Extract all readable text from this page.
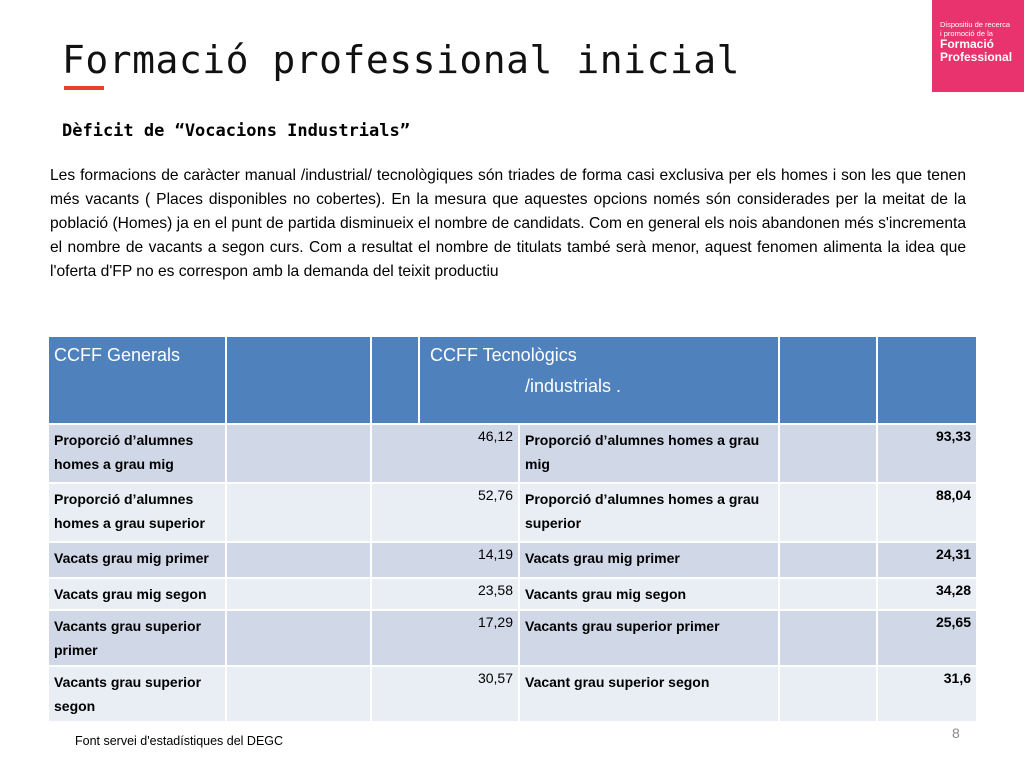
Dispositiu de recerca
i promoció de la
Formació
Professional
Formació professional inicial
Dèficit de “Vocacions Industrials”
Les formacions de caràcter manual /industrial/ tecnològiques són triades de forma casi exclusiva per els homes i son les que tenen més vacants ( Places disponibles no cobertes). En la mesura que aquestes opcions només són considerades per la meitat de la població (Homes) ja en el punt de partida disminueix el nombre de candidats. Com en general els nois abandonen més s'incrementa el nombre de vacants a segon curs. Com a resultat el nombre de titulats també serà menor, aquest fenomen alimenta la idea que l'oferta d'FP no es correspon amb la demanda del teixit productiu
CCFF Generals			CCFF Tecnològics
/industrials .			

Proporció d’alumnes homes a grau mig		46,12		Proporció d’alumnes homes a grau mig		93,33
Proporció d’alumnes homes a grau superior		52,76		Proporció d’alumnes homes a grau superior		88,04
Vacats grau mig primer		14,19		Vacats grau mig primer		24,31
Vacats grau mig segon		23,58		Vacants grau mig segon		34,28
Vacants grau superior primer		17,29		Vacants grau superior primer		25,65
Vacants grau superior segon		30,57		Vacant grau superior segon		31,6
Font servei d'estadístiques del DEGC	8
